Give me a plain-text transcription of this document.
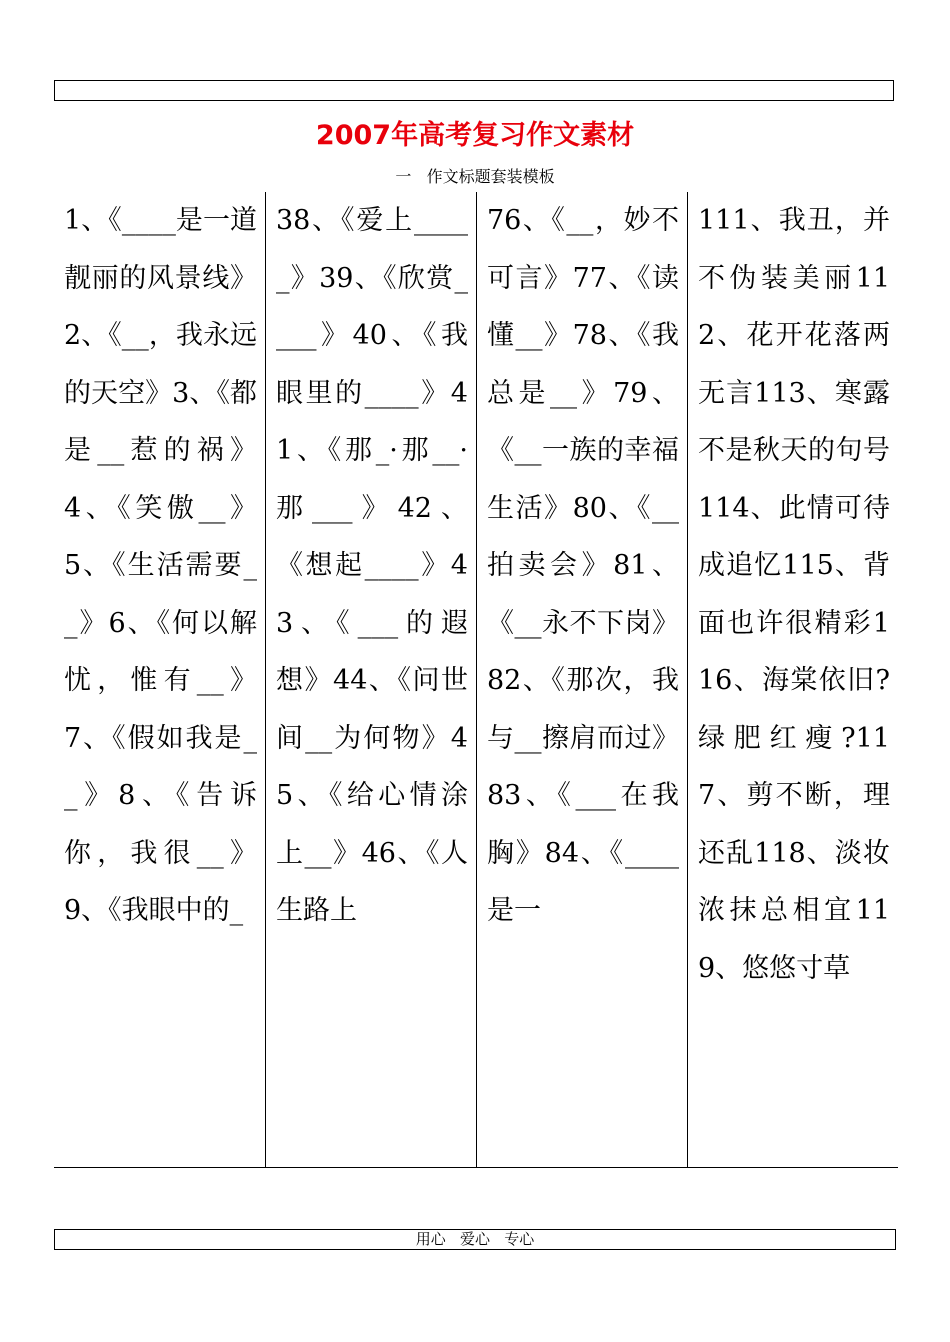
2007年高考复习作文素材
一   作文标题套装模板
1、《____是一道靓丽的风景线》2、《__，我永远的天空》3、《都是__惹的祸》4、《笑傲__》5、《生活需要__》6、《何以解忧，惟有__》7、《假如我是__》8、《告诉你，我很__》9、《我眼中的_
38、《爱上_____》39、《欣赏____》40、《我眼里的____》41、《那_·那__·那___》42、《想起____》43、《___的遐想》44、《问世间__为何物》45、《给心情涂上__》46、《人生路上
76、《__，妙不可言》77、《读懂__》78、《我总是__》79、《__一族的幸福生活》80、《__拍卖会》81、《__永不下岗》82、《那次，我与__擦肩而过》83、《___在我胸》84、《____是一
111、我丑，并不伪装美丽112、花开花落两无言113、寒露不是秋天的句号114、此情可待成追忆115、背面也许很精彩116、海棠依旧?绿肥红瘦?117、剪不断，理还乱118、淡妆浓抹总相宜119、悠悠寸草
用心   爱心   专心
